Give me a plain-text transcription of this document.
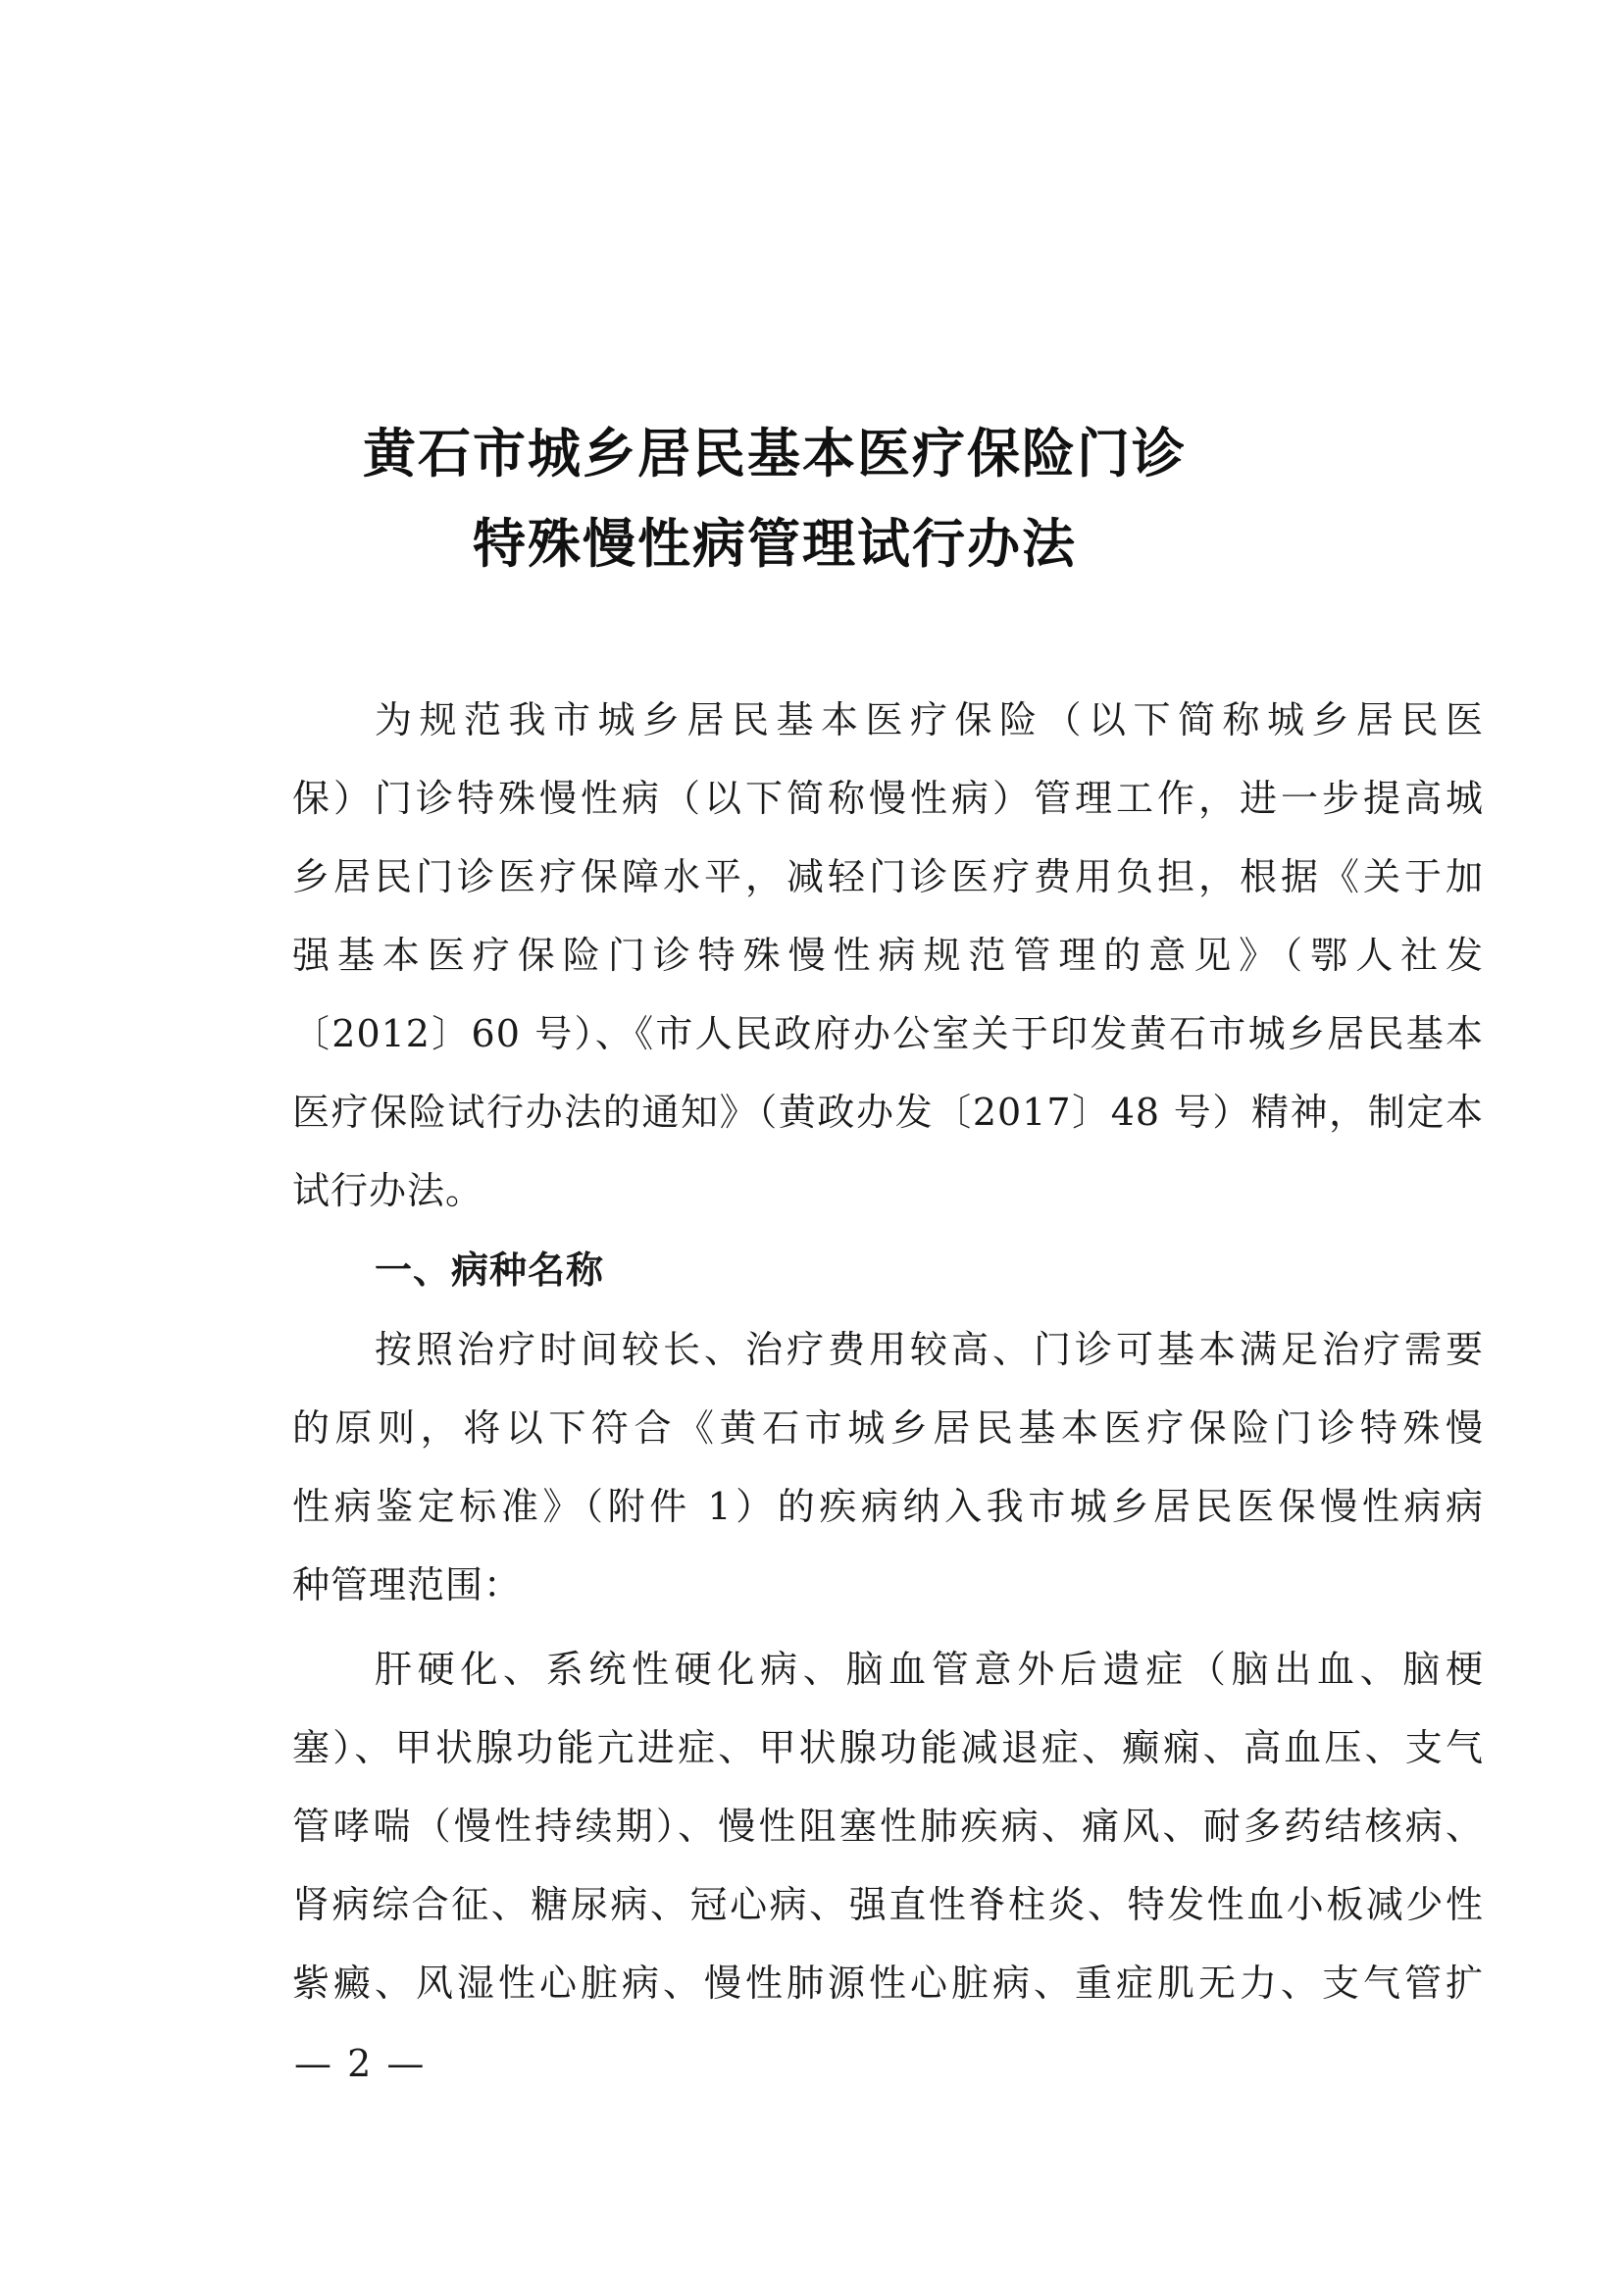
黄石市城乡居民基本医疗保险门诊
特殊慢性病管理试行办法
为规范我市城乡居民基本医疗保险（以下简称城乡居民医
保）门诊特殊慢性病（以下简称慢性病）管理工作，进一步提高城
乡居民门诊医疗保障水平，减轻门诊医疗费用负担，根据《关于加
强基本医疗保险门诊特殊慢性病规范管理的意见》（鄂人社发
〔2012〕60 号）、《市人民政府办公室关于印发黄石市城乡居民基本
医疗保险试行办法的通知》（黄政办发〔2017〕48 号）精神，制定本
试行办法。
一、病种名称
按照治疗时间较长、治疗费用较高、门诊可基本满足治疗需要
的原则，将以下符合《黄石市城乡居民基本医疗保险门诊特殊慢
性病鉴定标准》（附件 1）的疾病纳入我市城乡居民医保慢性病病
种管理范围：
肝硬化、系统性硬化病、脑血管意外后遗症（脑出血、脑梗
塞）、甲状腺功能亢进症、甲状腺功能减退症、癫痫、高血压、支气
管哮喘（慢性持续期）、慢性阻塞性肺疾病、痛风、耐多药结核病、
肾病综合征、糖尿病、冠心病、强直性脊柱炎、特发性血小板减少性
紫癜、风湿性心脏病、慢性肺源性心脏病、重症肌无力、支气管扩
— 2 —
